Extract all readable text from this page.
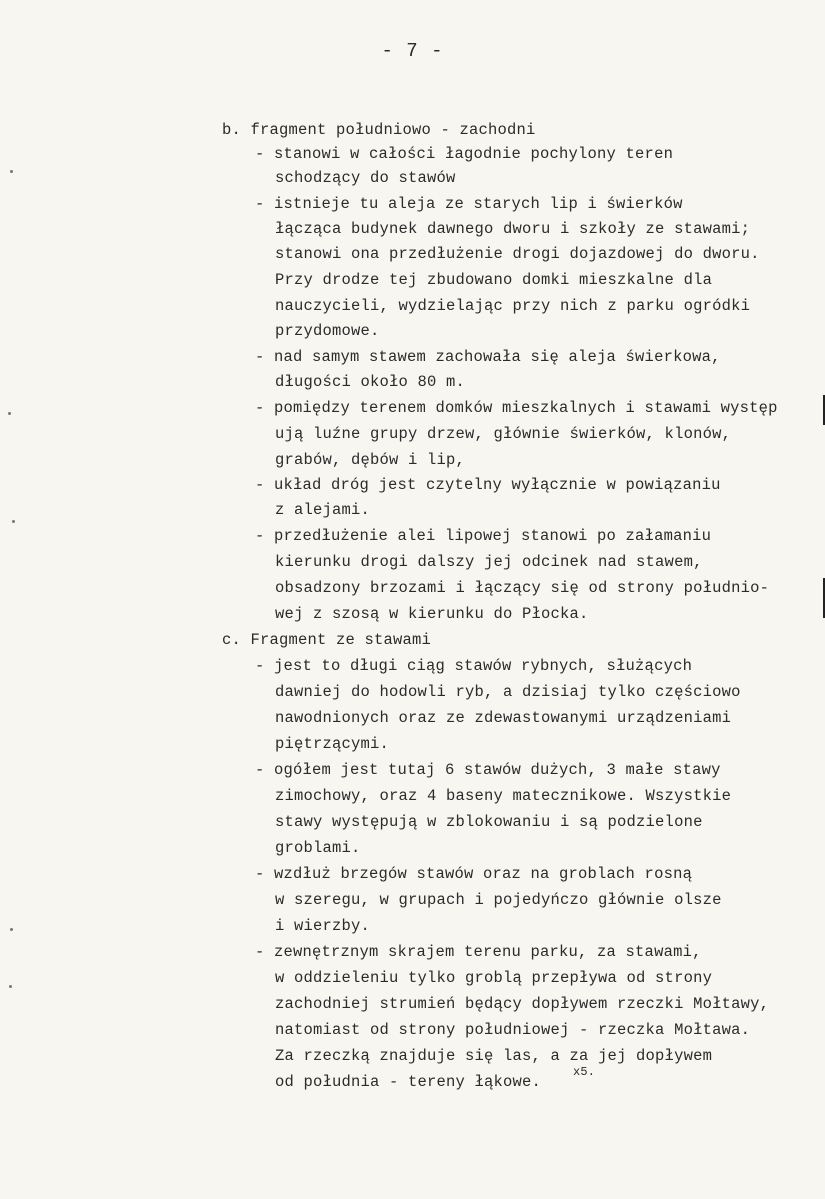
- 7 -
b. fragment południowo - zachodni
- stanowi w całości łagodnie pochylony teren
schodzący do stawów
- istnieje tu aleja ze starych lip i świerków
łącząca budynek dawnego dworu i szkoły ze stawami;
stanowi ona przedłużenie drogi dojazdowej do dworu.
Przy drodze tej zbudowano domki mieszkalne dla
nauczycieli, wydzielając przy nich z parku ogródki
przydomowe.
- nad samym stawem zachowała się aleja świerkowa,
długości około 80 m.
- pomiędzy terenem domków mieszkalnych i stawami występ
ują luźne grupy drzew, głównie świerków, klonów,
grabów, dębów i lip,
- układ dróg jest czytelny wyłącznie w powiązaniu
z alejami.
- przedłużenie alei lipowej stanowi po załamaniu
kierunku drogi dalszy jej odcinek nad stawem,
obsadzony brzozami i łączący się od strony południo-
wej z szosą w kierunku do Płocka.
c. Fragment ze stawami
- jest to długi ciąg stawów rybnych, służących
dawniej do hodowli ryb, a dzisiaj tylko częściowo
nawodnionych oraz ze zdewastowanymi urządzeniami
piętrzącymi.
- ogółem jest tutaj 6 stawów dużych, 3 małe stawy
zimochowy, oraz 4 baseny matecznikowe. Wszystkie
stawy występują w zblokowaniu i są podzielone
groblami.
- wzdłuż brzegów stawów oraz na groblach rosną
w szeregu, w grupach i pojedyńczo głównie olsze
i wierzby.
- zewnętrznym skrajem terenu parku, za stawami,
w oddzieleniu tylko groblą przepływa od strony
zachodniej strumień będący dopływem rzeczki Mołtawy,
natomiast od strony południowej - rzeczka Mołtawa.
Za rzeczką znajduje się las, a za jej dopływem
od południa - tereny łąkowe.
x5.
